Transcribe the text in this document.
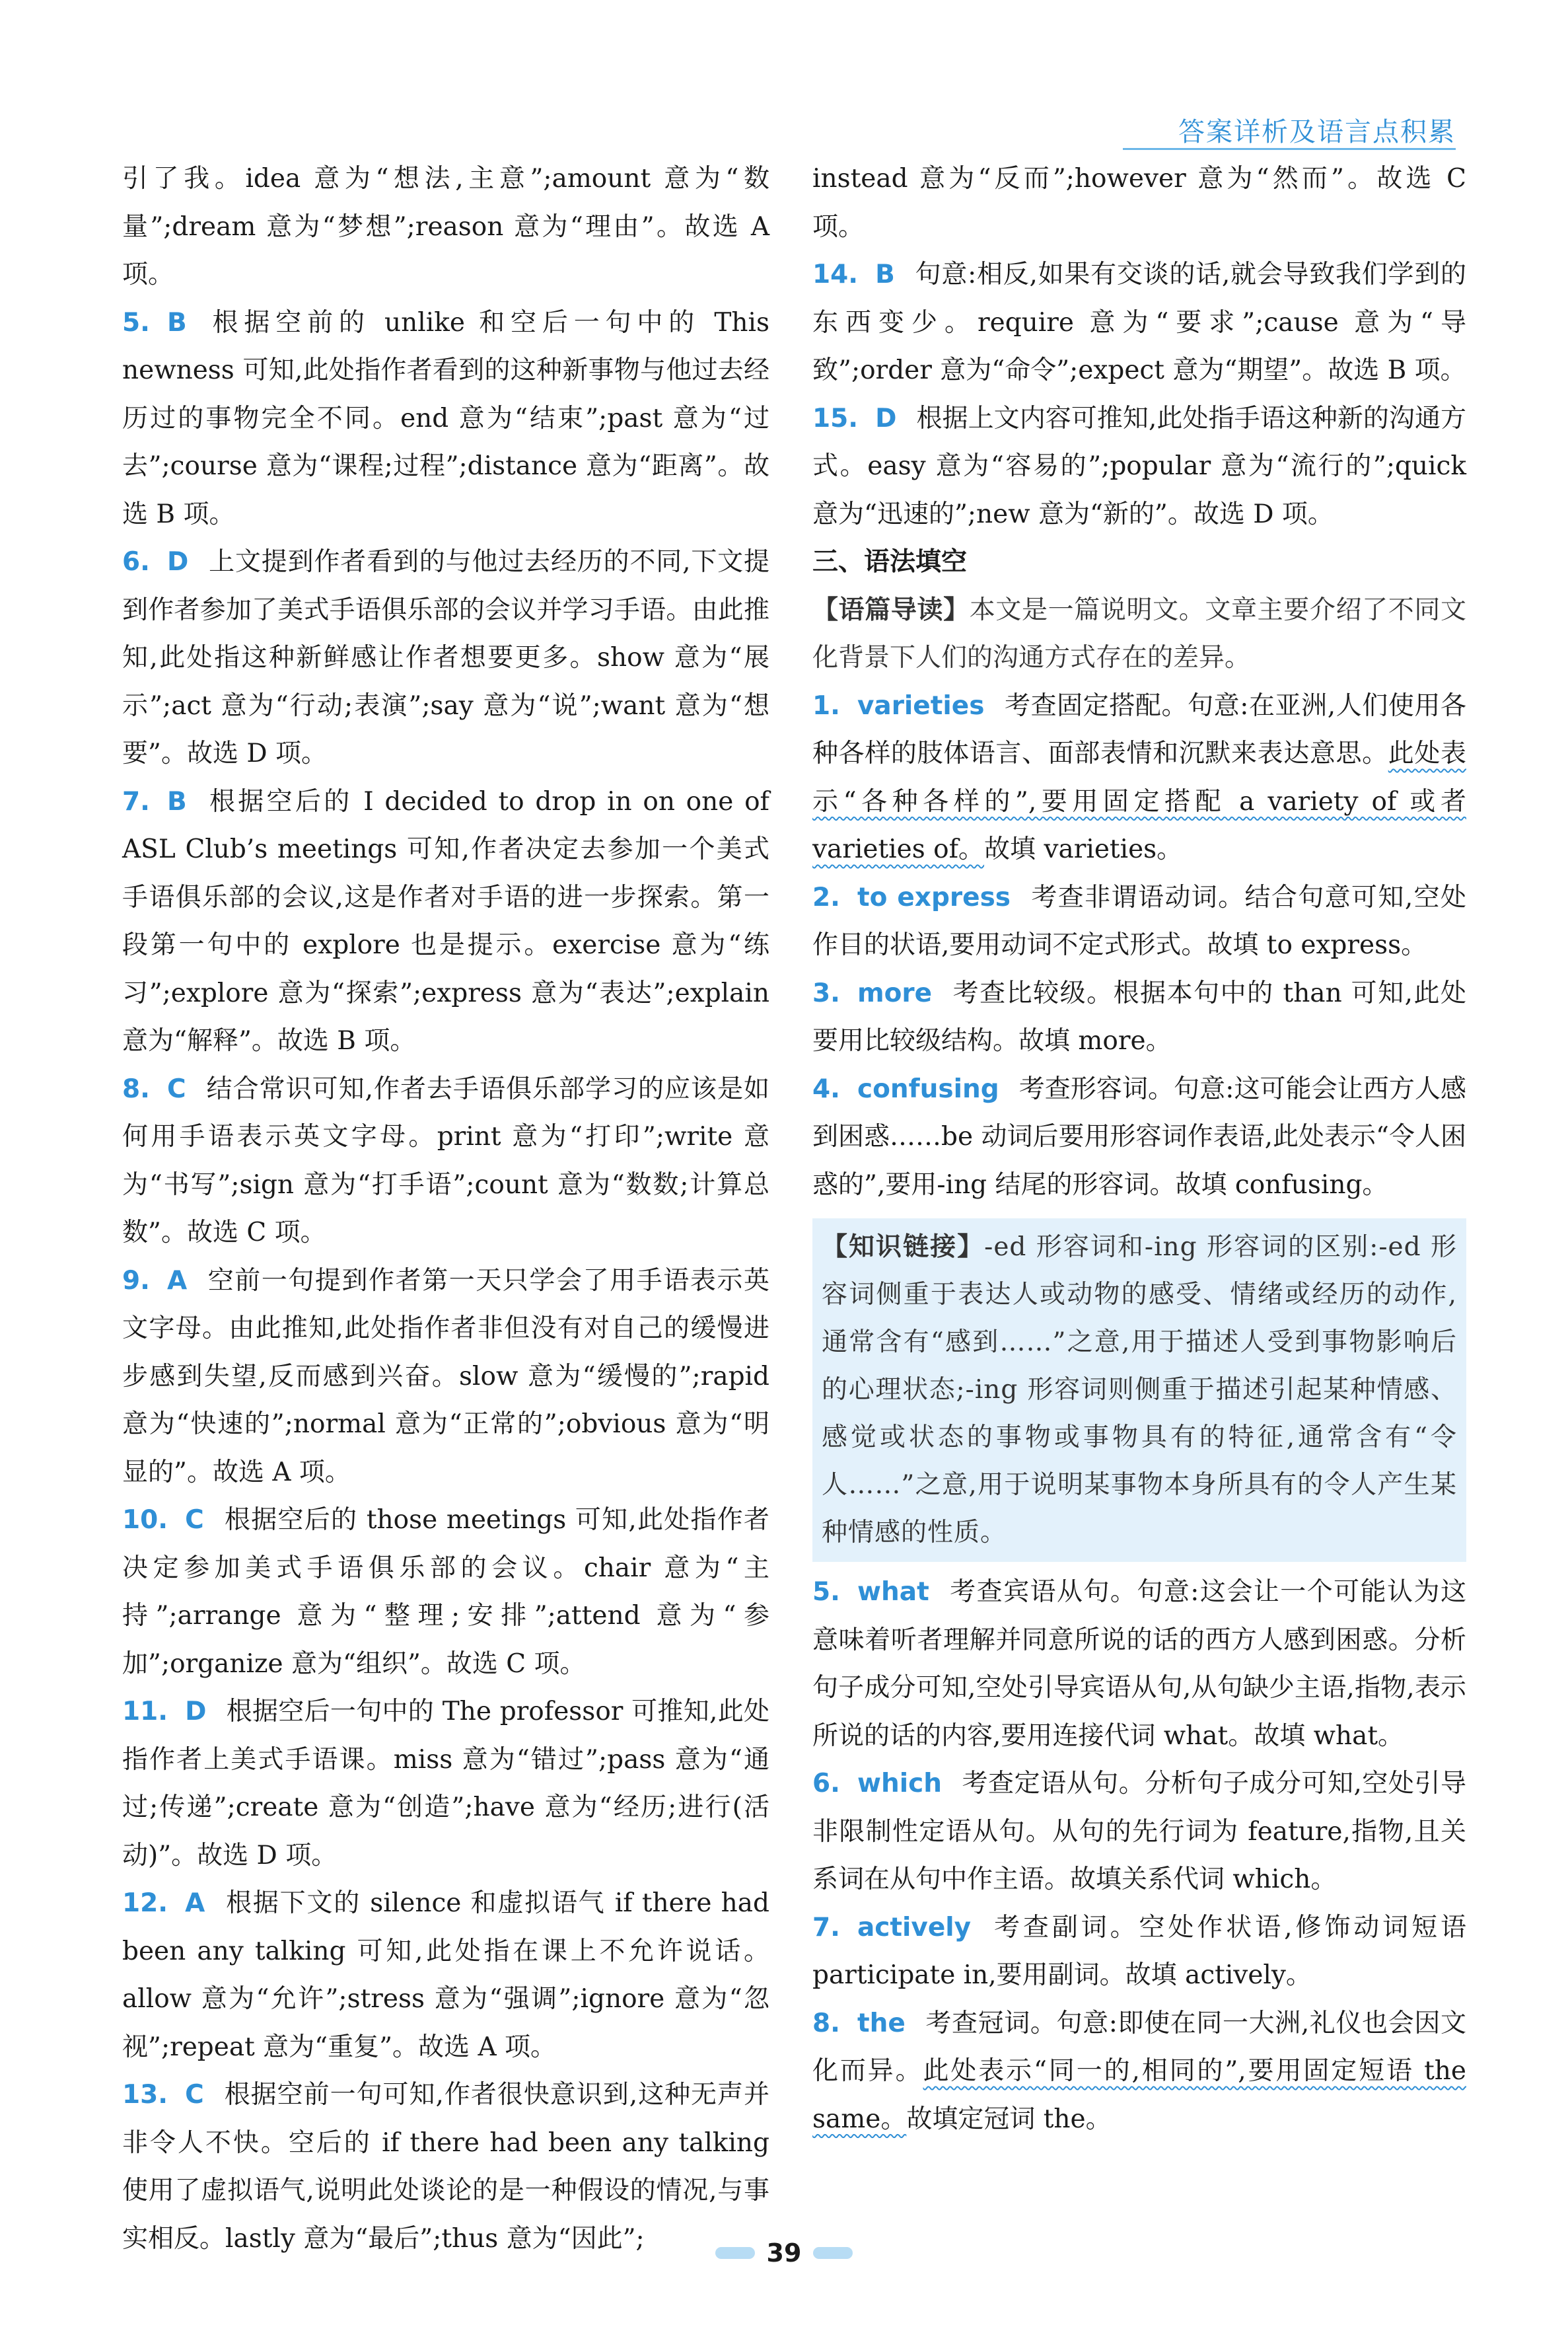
答案详析及语言点积累

引了我。idea 意为“想法,主意”;amount 意为“数量”;dream 意为“梦想”;reason 意为“理由”。故选 A 项。

5. B 根据空前的 unlike 和空后一句中的 This newness 可知,此处指作者看到的这种新事物与他过去经历过的事物完全不同。end 意为“结束”;past 意为“过去”;course 意为“课程;过程”;distance 意为“距离”。故选 B 项。

6. D 上文提到作者看到的与他过去经历的不同,下文提到作者参加了美式手语俱乐部的会议并学习手语。由此推知,此处指这种新鲜感让作者想要更多。show 意为“展示”;act 意为“行动;表演”;say 意为“说”;want 意为“想要”。故选 D 项。

7. B 根据空后的 I decided to drop in on one of ASL Club’s meetings 可知,作者决定去参加一个美式手语俱乐部的会议,这是作者对手语的进一步探索。第一段第一句中的 explore 也是提示。exercise 意为“练习”;explore 意为“探索”;express 意为“表达”;explain 意为“解释”。故选 B 项。

8. C 结合常识可知,作者去手语俱乐部学习的应该是如何用手语表示英文字母。print 意为“打印”;write 意为“书写”;sign 意为“打手语”;count 意为“数数;计算总数”。故选 C 项。

9. A 空前一句提到作者第一天只学会了用手语表示英文字母。由此推知,此处指作者非但没有对自己的缓慢进步感到失望,反而感到兴奋。slow 意为“缓慢的”;rapid 意为“快速的”;normal 意为“正常的”;obvious 意为“明显的”。故选 A 项。

10. C 根据空后的 those meetings 可知,此处指作者决定参加美式手语俱乐部的会议。chair 意为“主持”;arrange 意为“整理;安排”;attend 意为“参加”;organize 意为“组织”。故选 C 项。

11. D 根据空后一句中的 The professor 可推知,此处指作者上美式手语课。miss 意为“错过”;pass 意为“通过;传递”;create 意为“创造”;have 意为“经历;进行(活动)”。故选 D 项。

12. A 根据下文的 silence 和虚拟语气 if there had been any talking 可知,此处指在课上不允许说话。allow 意为“允许”;stress 意为“强调”;ignore 意为“忽视”;repeat 意为“重复”。故选 A 项。

13. C 根据空前一句可知,作者很快意识到,这种无声并非令人不快。空后的 if there had been any talking 使用了虚拟语气,说明此处谈论的是一种假设的情况,与事实相反。lastly 意为“最后”;thus 意为“因此”;

instead 意为“反而”;however 意为“然而”。故选 C 项。

14. B 句意:相反,如果有交谈的话,就会导致我们学到的东西变少。require 意为“要求”;cause 意为“导致”;order 意为“命令”;expect 意为“期望”。故选 B 项。

15. D 根据上文内容可推知,此处指手语这种新的沟通方式。easy 意为“容易的”;popular 意为“流行的”;quick 意为“迅速的”;new 意为“新的”。故选 D 项。

三、语法填空

【语篇导读】本文是一篇说明文。文章主要介绍了不同文化背景下人们的沟通方式存在的差异。

1. varieties 考查固定搭配。句意:在亚洲,人们使用各种各样的肢体语言、面部表情和沉默来表达意思。此处表示“各种各样的”,要用固定搭配 a variety of 或者 varieties of。故填 varieties。

2. to express 考查非谓语动词。结合句意可知,空处作目的状语,要用动词不定式形式。故填 to express。

3. more 考查比较级。根据本句中的 than 可知,此处要用比较级结构。故填 more。

4. confusing 考查形容词。句意:这可能会让西方人感到困惑……be 动词后要用形容词作表语,此处表示“令人困惑的”,要用-ing 结尾的形容词。故填 confusing。

【知识链接】-ed 形容词和-ing 形容词的区别:-ed 形容词侧重于表达人或动物的感受、情绪或经历的动作,通常含有“感到……”之意,用于描述人受到事物影响后的心理状态;-ing 形容词则侧重于描述引起某种情感、感觉或状态的事物或事物具有的特征,通常含有“令人……”之意,用于说明某事物本身所具有的令人产生某种情感的性质。

5. what 考查宾语从句。句意:这会让一个可能认为这意味着听者理解并同意所说的话的西方人感到困惑。分析句子成分可知,空处引导宾语从句,从句缺少主语,指物,表示所说的话的内容,要用连接代词 what。故填 what。

6. which 考查定语从句。分析句子成分可知,空处引导非限制性定语从句。从句的先行词为 feature,指物,且关系词在从句中作主语。故填关系代词 which。

7. actively 考查副词。空处作状语,修饰动词短语 participate in,要用副词。故填 actively。

8. the 考查冠词。句意:即使在同一大洲,礼仪也会因文化而异。此处表示“同一的,相同的”,要用固定短语 the same。故填定冠词 the。

39
